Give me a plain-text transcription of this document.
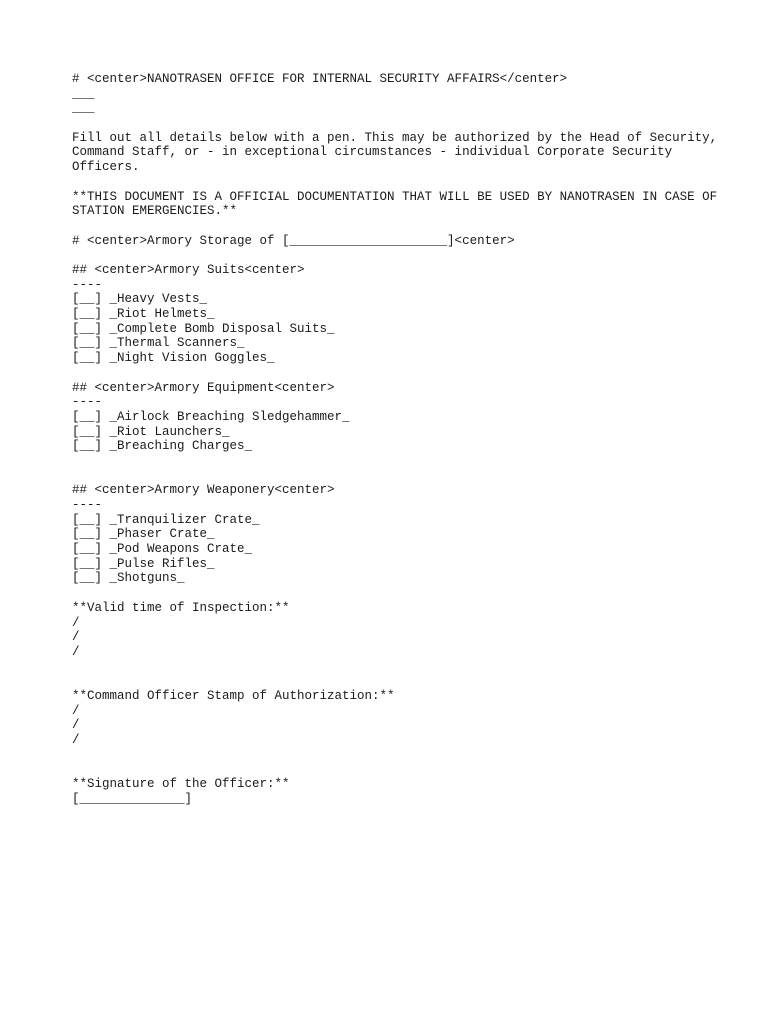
# <center>NANOTRASEN OFFICE FOR INTERNAL SECURITY AFFAIRS</center>
___
___
Fill out all details below with a pen. This may be authorized by the Head of Security, Command Staff, or - in exceptional circumstances - individual Corporate Security Officers.
**THIS DOCUMENT IS A OFFICIAL DOCUMENTATION THAT WILL BE USED BY NANOTRASEN IN CASE OF STATION EMERGENCIES.**
# <center>Armory Storage of [_____________________]<center>
## <center>Armory Suits<center>
----
[__] _Heavy Vests_
[__] _Riot Helmets_
[__] _Complete Bomb Disposal Suits_
[__] _Thermal Scanners_
[__] _Night Vision Goggles_
## <center>Armory Equipment<center>
----
[__] _Airlock Breaching Sledgehammer_
[__] _Riot Launchers_
[__] _Breaching Charges_
## <center>Armory Weaponery<center>
----
[__] _Tranquilizer Crate_
[__] _Phaser Crate_
[__] _Pod Weapons Crate_
[__] _Pulse Rifles_
[__] _Shotguns_
**Valid time of Inspection:**
/
/
/
**Command Officer Stamp of Authorization:**
/
/
/
**Signature of the Officer:**
[______________]
